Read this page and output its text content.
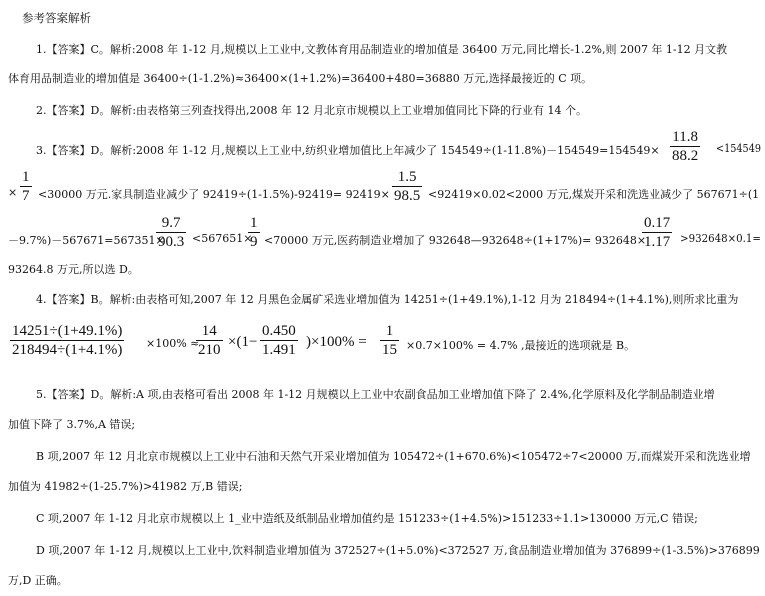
参考答案解析
1.【答案】C。解析:2008 年 1-12 月,规模以上工业中,文教体育用品制造业的增加值是 36400 万元,同比增长-1.2%,则 2007 年 1-12 月文教
体育用品制造业的增加值是 36400÷(1-1.2%)≈36400×(1+1.2%)=36400+480=36880 万元,选择最接近的 C 项。
2.【答案】D。解析:由表格第三列查找得出,2008 年 12 月北京市规模以上工业增加值同比下降的行业有 14 个。
3.【答案】D。解析:2008 年 1-12 月,规模以上工业中,纺织业增加值比上年减少了 154549÷(1-11.8%)－154549=154549×
11.8
88.2 <154549
×
1
7 <30000 万元.家具制造业减少了 92419÷(1-1.5%)-92419= 92419×
1.5
98.5 <92419×0.02<2000 万元,煤炭开采和洗选业减少了 567671÷(1
－9.7%)－567671=567351×
9.7
90.3 <567651×
1
9 <70000 万元,医药制造业增加了 932648—932648÷(1+17%)= 932648×
0.17
1.17 >932648×0.1=
93264.8 万元,所以选 D。
4.【答案】B。解析:由表格可知,2007 年 12 月黑色金属矿采选业增加值为 14251÷(1+49.1%),1-12 月为 218494÷(1+4.1%),则所求比重为
14251÷(1+49.1%)
218494÷(1+4.1%) ×100% ≈
14
210 ×(1−
0.450
1.491 )×100% =
1
15 ×0.7×100% = 4.7% ,最接近的选项就是 B。
5.【答案】D。解析:A 项,由表格可看出 2008 年 1-12 月规模以上工业中农副食品加工业增加值下降了 2.4%,化学原料及化学制品制造业增
加值下降了 3.7%,A 错误;
B 项,2007 年 12 月北京市规模以上工业中石油和天然气开采业增加值为 105472÷(1+670.6%)<105472÷7<20000 万,而煤炭开采和洗选业增
加值为 41982÷(1-25.7%)>41982 万,B 错误;
C 项,2007 年 1-12 月北京市规模以上 1_业中造纸及纸制品业增加值约是 151233÷(1+4.5%)>151233÷1.1>130000 万元,C 错误;
D 项,2007 年 1-12 月,规模以上工业中,饮料制造业增加值为 372527÷(1+5.0%)<372527 万,食品制造业增加值为 376899÷(1-3.5%)>376899
万,D 正确。
